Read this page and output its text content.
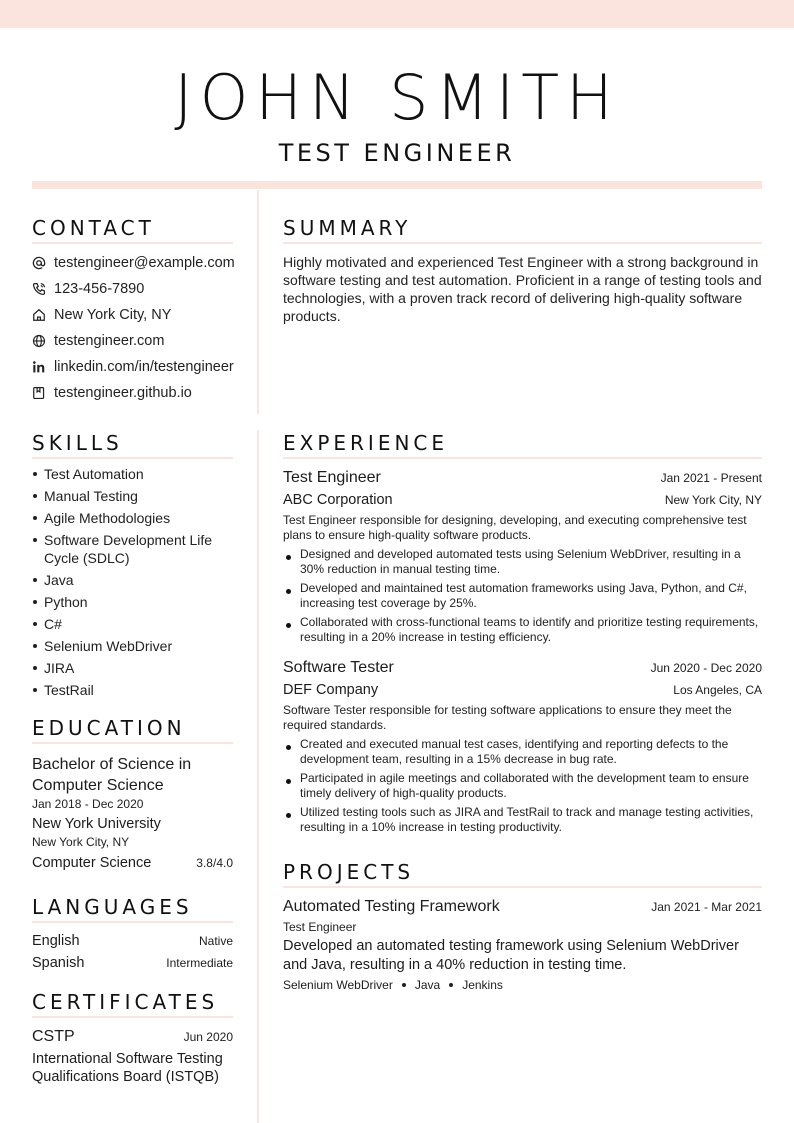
JOHN SMITH
TEST ENGINEER
CONTACT
testengineer@example.com
123-456-7890
New York City, NY
testengineer.com
linkedin.com/in/testengineer
testengineer.github.io
SUMMARY
Highly motivated and experienced Test Engineer with a strong background in software testing and test automation. Proficient in a range of testing tools and technologies, with a proven track record of delivering high-quality software products.
SKILLS
Test Automation
Manual Testing
Agile Methodologies
Software Development Life Cycle (SDLC)
Java
Python
C#
Selenium WebDriver
JIRA
TestRail
EDUCATION
Bachelor of Science in Computer Science
Jan 2018 - Dec 2020
New York University
New York City, NY
Computer Science	3.8/4.0
LANGUAGES
English	Native
Spanish	Intermediate
CERTIFICATES
CSTP	Jun 2020
International Software Testing Qualifications Board (ISTQB)
EXPERIENCE
Test Engineer	Jan 2021 - Present
ABC Corporation	New York City, NY
Test Engineer responsible for designing, developing, and executing comprehensive test plans to ensure high-quality software products.
Designed and developed automated tests using Selenium WebDriver, resulting in a 30% reduction in manual testing time.
Developed and maintained test automation frameworks using Java, Python, and C#, increasing test coverage by 25%.
Collaborated with cross-functional teams to identify and prioritize testing requirements, resulting in a 20% increase in testing efficiency.
Software Tester	Jun 2020 - Dec 2020
DEF Company	Los Angeles, CA
Software Tester responsible for testing software applications to ensure they meet the required standards.
Created and executed manual test cases, identifying and reporting defects to the development team, resulting in a 15% decrease in bug rate.
Participated in agile meetings and collaborated with the development team to ensure timely delivery of high-quality products.
Utilized testing tools such as JIRA and TestRail to track and manage testing activities, resulting in a 10% increase in testing productivity.
PROJECTS
Automated Testing Framework	Jan 2021 - Mar 2021
Test Engineer
Developed an automated testing framework using Selenium WebDriver and Java, resulting in a 40% reduction in testing time.
Selenium WebDriver Java Jenkins
